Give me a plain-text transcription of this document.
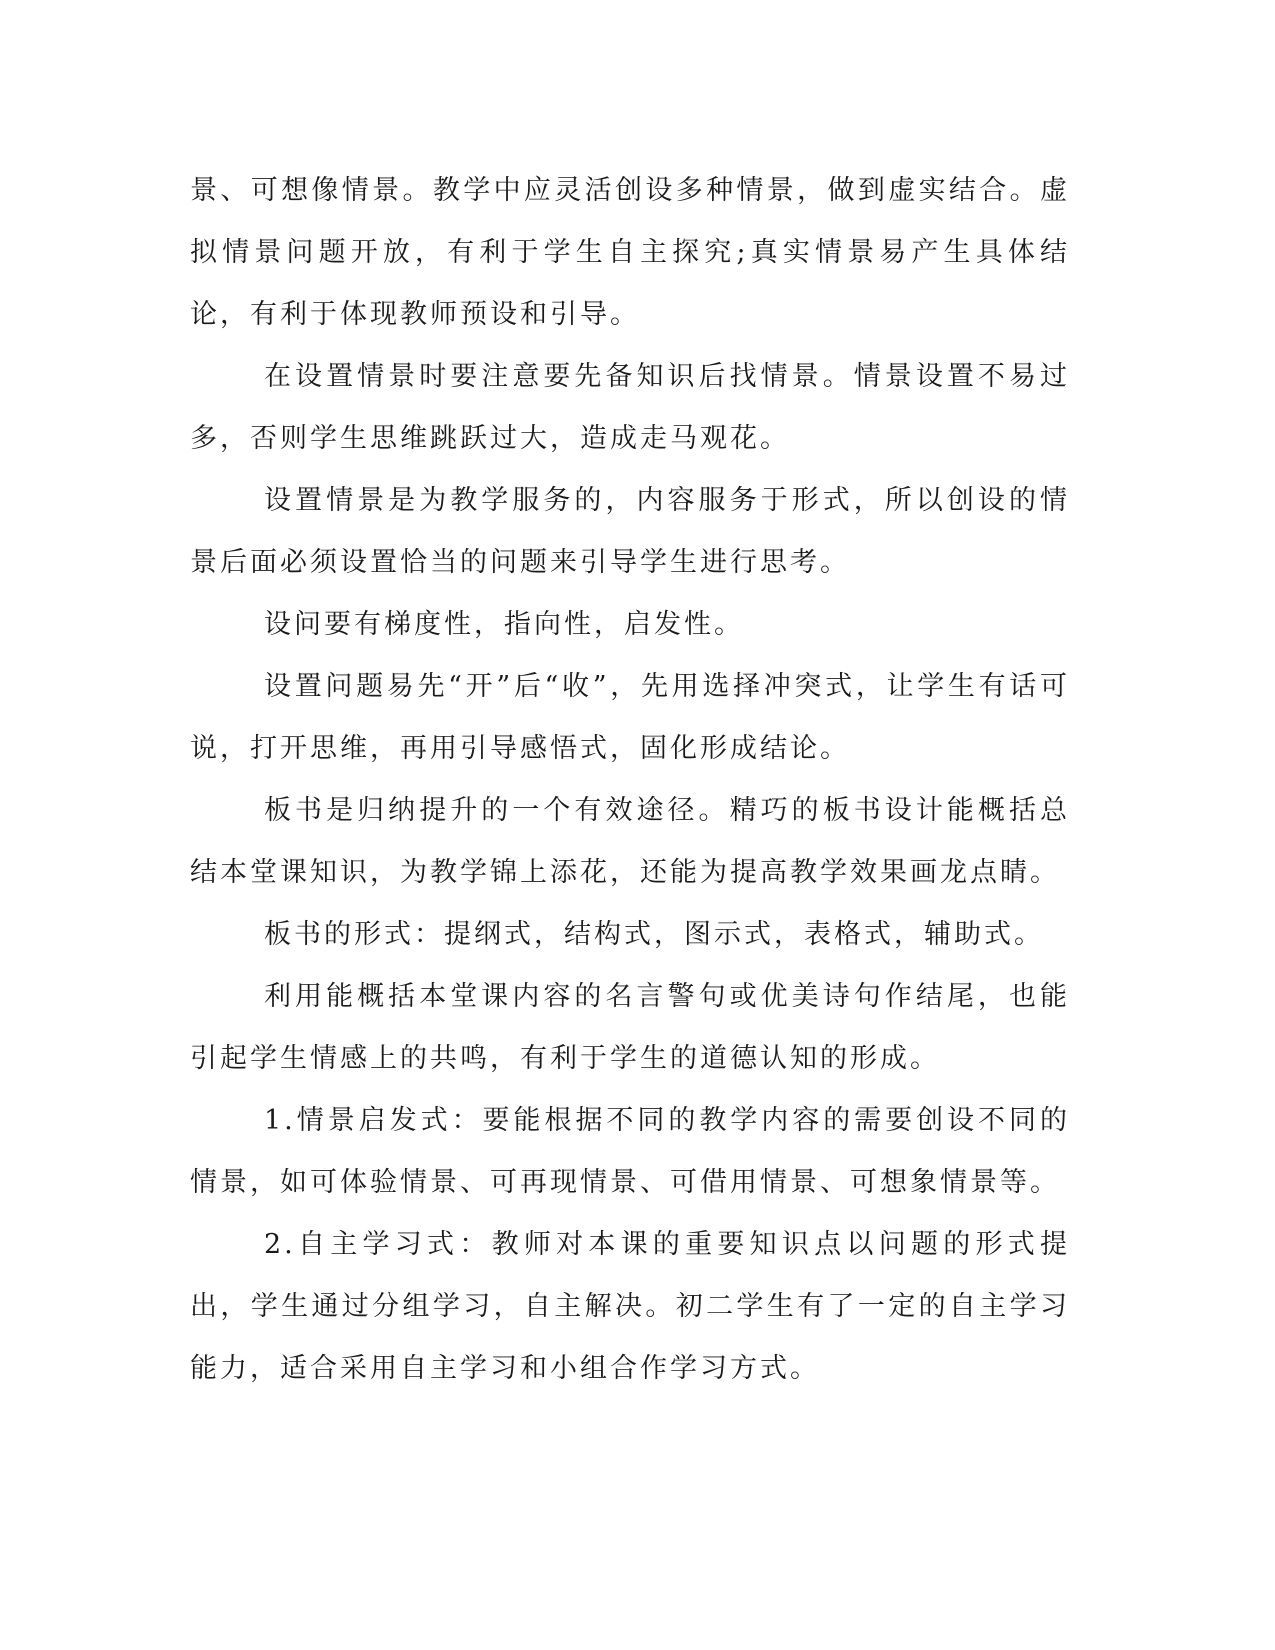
景、可想像情景。教学中应灵活创设多种情景，做到虚实结合。虚拟情景问题开放，有利于学生自主探究;真实情景易产生具体结论，有利于体现教师预设和引导。

在设置情景时要注意要先备知识后找情景。情景设置不易过多，否则学生思维跳跃过大，造成走马观花。

设置情景是为教学服务的，内容服务于形式，所以创设的情景后面必须设置恰当的问题来引导学生进行思考。

设问要有梯度性，指向性，启发性。

设置问题易先“开”后“收”，先用选择冲突式，让学生有话可说，打开思维，再用引导感悟式，固化形成结论。

板书是归纳提升的一个有效途径。精巧的板书设计能概括总结本堂课知识，为教学锦上添花，还能为提高教学效果画龙点睛。

板书的形式：提纲式，结构式，图示式，表格式，辅助式。

利用能概括本堂课内容的名言警句或优美诗句作结尾，也能引起学生情感上的共鸣，有利于学生的道德认知的形成。

1.情景启发式：要能根据不同的教学内容的需要创设不同的情景，如可体验情景、可再现情景、可借用情景、可想象情景等。

2.自主学习式：教师对本课的重要知识点以问题的形式提出，学生通过分组学习，自主解决。初二学生有了一定的自主学习能力，适合采用自主学习和小组合作学习方式。
